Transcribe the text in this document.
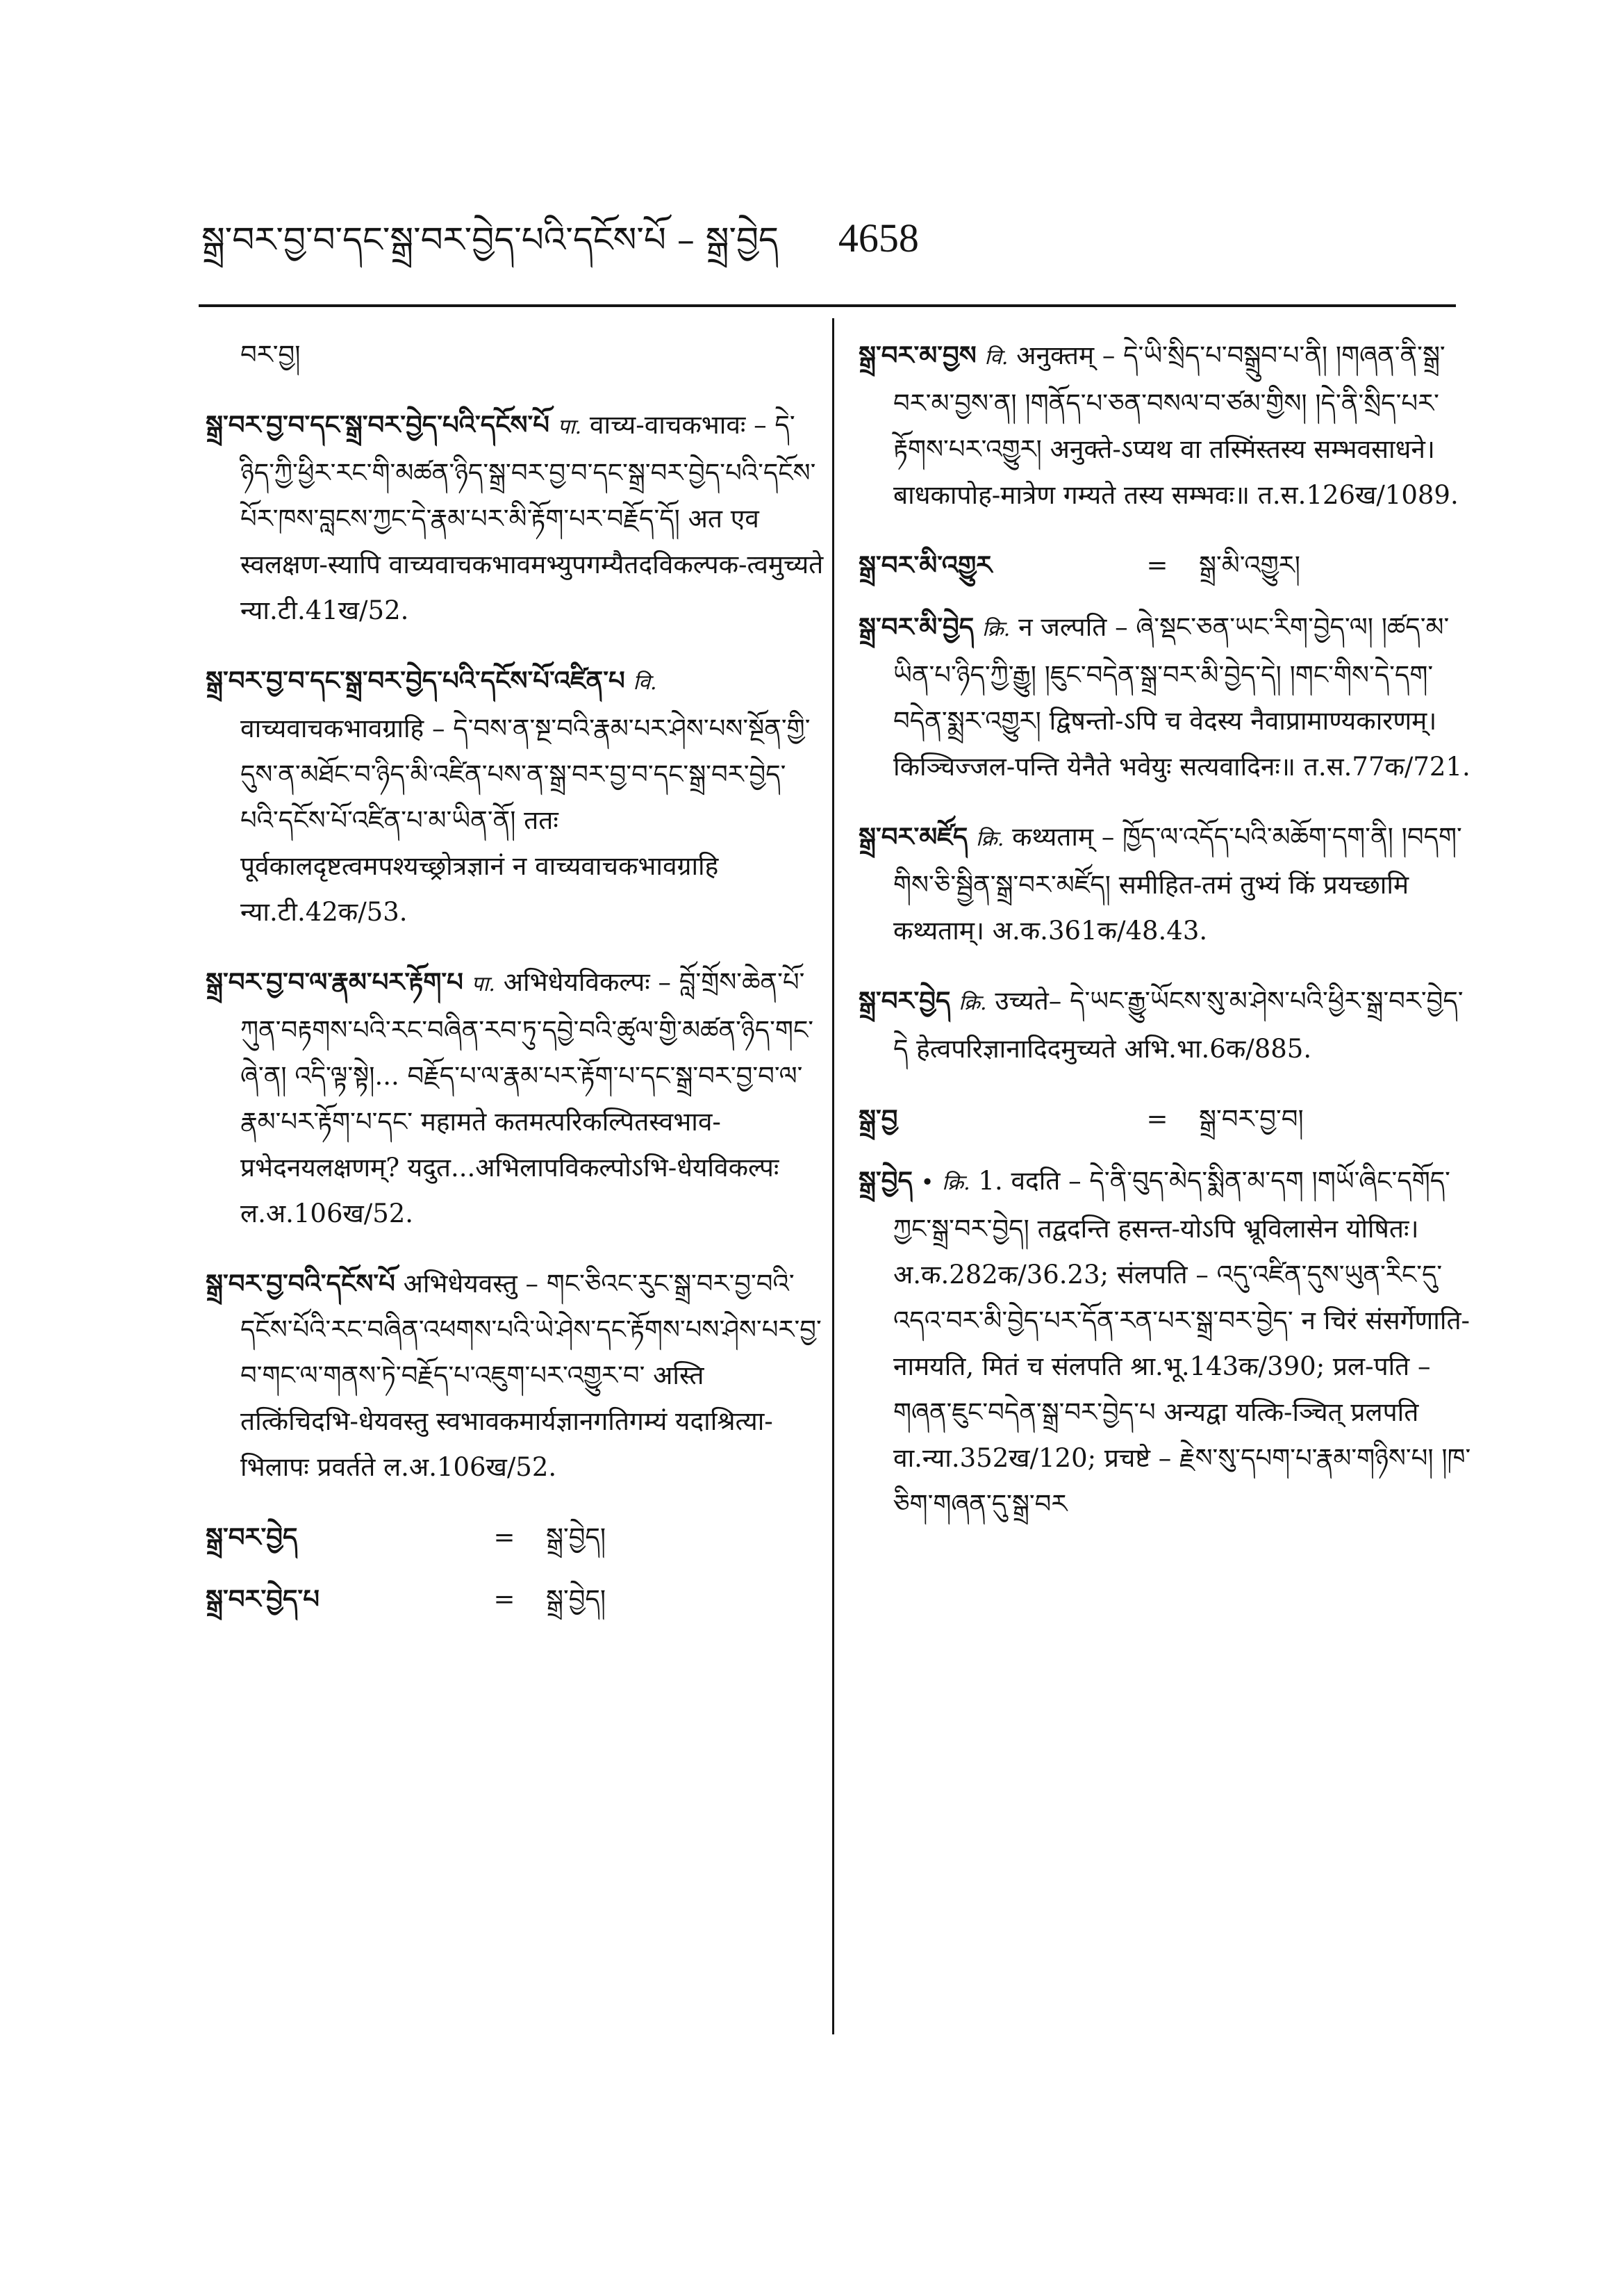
སྒྲ་བར་བྱ་བ་དང་སྒྲ་བར་བྱེད་པའི་དངོས་པོ – སྒྲ་བྱེད 4658

བར་བྱ།

སྒྲ་བར་བྱ་བ་དང་སྒྲ་བར་བྱེད་པའི་དངོས་པོ पा. वाच्य-वाचकभावः – དེ་ཉིད་ཀྱི་ཕྱིར་རང་གི་མཚན་ཉིད་སྒྲ་བར་བྱ་བ་དང་སྒྲ་བར་བྱེད་པའི་དངོས་པོར་ཁས་བླངས་ཀྱང་དེ་རྣམ་པར་མི་རྟོག་པར་བརྗོད་དོ། अत एव स्वलक्षण-स्यापि वाच्यवाचकभावमभ्युपगम्यैतदविकल्पक-त्वमुच्यते न्या.टी.41ख/52.

སྒྲ་བར་བྱ་བ་དང་སྒྲ་བར་བྱེད་པའི་དངོས་པོ་འཛིན་པ वि. वाच्यवाचकभावग्राहि – དེ་བས་ན་སྔ་བའི་རྣམ་པར་ཤེས་པས་སྔོན་གྱི་དུས་ན་མཐོང་བ་ཉིད་མི་འཛིན་པས་ན་སྒྲ་བར་བྱ་བ་དང་སྒྲ་བར་བྱེད་པའི་དངོས་པོ་འཛིན་པ་མ་ཡིན་ནོ། ततः पूर्वकालदृष्टत्वमपश्यच्छ्रोत्रज्ञानं न वाच्यवाचकभावग्राहि न्या.टी.42क/53.

སྒྲ་བར་བྱ་བ་ལ་རྣམ་པར་རྟོག་པ पा. अभिधेयविकल्पः – བློ་གྲོས་ཆེན་པོ་ཀུན་བརྟགས་པའི་རང་བཞིན་རབ་ཏུ་དབྱེ་བའི་ཚུལ་གྱི་མཚན་ཉིད་གང་ཞེ་ན། འདི་ལྟ་སྟེ།... བརྗོད་པ་ལ་རྣམ་པར་རྟོག་པ་དང་སྒྲ་བར་བྱ་བ་ལ་རྣམ་པར་རྟོག་པ་དང་ महामते कतमत्परिकल्पितस्वभाव-प्रभेदनयलक्षणम्? यदुत...अभिलापविकल्पोऽभि-धेयविकल्पः ल.अ.106ख/52.

སྒྲ་བར་བྱ་བའི་དངོས་པོ अभिधेयवस्तु – གང་ཅིའང་རུང་སྒྲ་བར་བྱ་བའི་དངོས་པོའི་རང་བཞིན་འཕགས་པའི་ཡེ་ཤེས་དང་རྟོགས་པས་ཤེས་པར་བྱ་བ་གང་ལ་གནས་ཏེ་བརྗོད་པ་འཇུག་པར་འགྱུར་བ་ अस्ति तत्किंचिदभि-धेयवस्तु स्वभावकमार्यज्ञानगतिगम्यं यदाश्रित्या-भिलापः प्रवर्तते ल.अ.106ख/52.

སྒྲ་བར་བྱེད	=	སྒྲ་བྱེད།
སྒྲ་བར་བྱེད་པ	=	སྒྲ་བྱེད།

སྒྲ་བར་མ་བྱས वि. अनुक्तम् – དེ་ཡི་སྲིད་པ་བསྒྲུབ་པ་ནི། །གཞན་ནི་སྒྲ་བར་མ་བྱས་ན། །གནོད་པ་ཅན་བསལ་བ་ཙམ་གྱིས། །དེ་ནི་སྲིད་པར་རྟོགས་པར་འགྱུར། अनुक्ते-ऽप्यथ वा तस्मिंस्तस्य सम्भवसाधने। बाधकापोह-मात्रेण गम्यते तस्य सम्भवः॥ त.स.126ख/1089.

སྒྲ་བར་མི་འགྱུར	=	སྒྲ་མི་འགྱུར།

སྒྲ་བར་མི་བྱེད क्रि. न जल्पति – ཞེ་སྡང་ཅན་ཡང་རིག་བྱེད་ལ། །ཚད་མ་ཡིན་པ་ཉིད་ཀྱི་རྒྱུ། །ཇུང་བདེན་སྒྲ་བར་མི་བྱེད་དེ། །གང་གིས་དེ་དག་བདེན་སྨྲར་འགྱུར། द्विषन्तो-ऽपि च वेदस्य नैवाप्रामाण्यकारणम्। किञ्चिज्जल-पन्ति येनैते भवेयुः सत्यवादिनः॥ त.स.77क/721.

སྒྲ་བར་མཛོད क्रि. कथ्यताम् – ཁྱོད་ལ་འདོད་པའི་མཆོག་དག་ནི། །བདག་གིས་ཅི་སྦྱིན་སྒྲ་བར་མཛོད། समीहित-तमं तुभ्यं किं प्रयच्छामि कथ्यताम्। अ.क.361क/48.43.

སྒྲ་བར་བྱེད क्रि. उच्यते– དེ་ཡང་རྒྱུ་ཡོངས་སུ་མ་ཤེས་པའི་ཕྱིར་སྒྲ་བར་བྱེད་དེ हेत्वपरिज्ञानादिदमुच्यते अभि.भा.6क/885.

སྒྲ་བྱ	=	སྒྲ་བར་བྱ་བ།

སྒྲ་བྱེད • क्रि. 1. वदति – དེ་ནི་བུད་མེད་སྨིན་མ་དག །གཡོ་ཞིང་དགོད་ཀྱང་སྒྲ་བར་བྱེད། तद्वदन्ति हसन्त-योऽपि भ्रूविलासेन योषितः। अ.क.282क/36.23; संलपति – འདུ་འཛིན་དུས་ཡུན་རིང་དུ་འདའ་བར་མི་བྱེད་པར་དོན་རན་པར་སྒྲ་བར་བྱེད་ न चिरं संसर्गेणाति-नामयति, मितं च संलपति श्रा.भू.143क/390; प्रल-पति – གཞན་ཇུང་བདེན་སྒྲ་བར་བྱེད་པ अन्यद्वा यत्कि-ञ्चित् प्रलपति वा.न्या.352ख/120; प्रचष्टे – རྗེས་སུ་དཔག་པ་རྣམ་གཉིས་པ། །ཁ་ཅིག་གཞན་དུ་སྒྲ་བར
